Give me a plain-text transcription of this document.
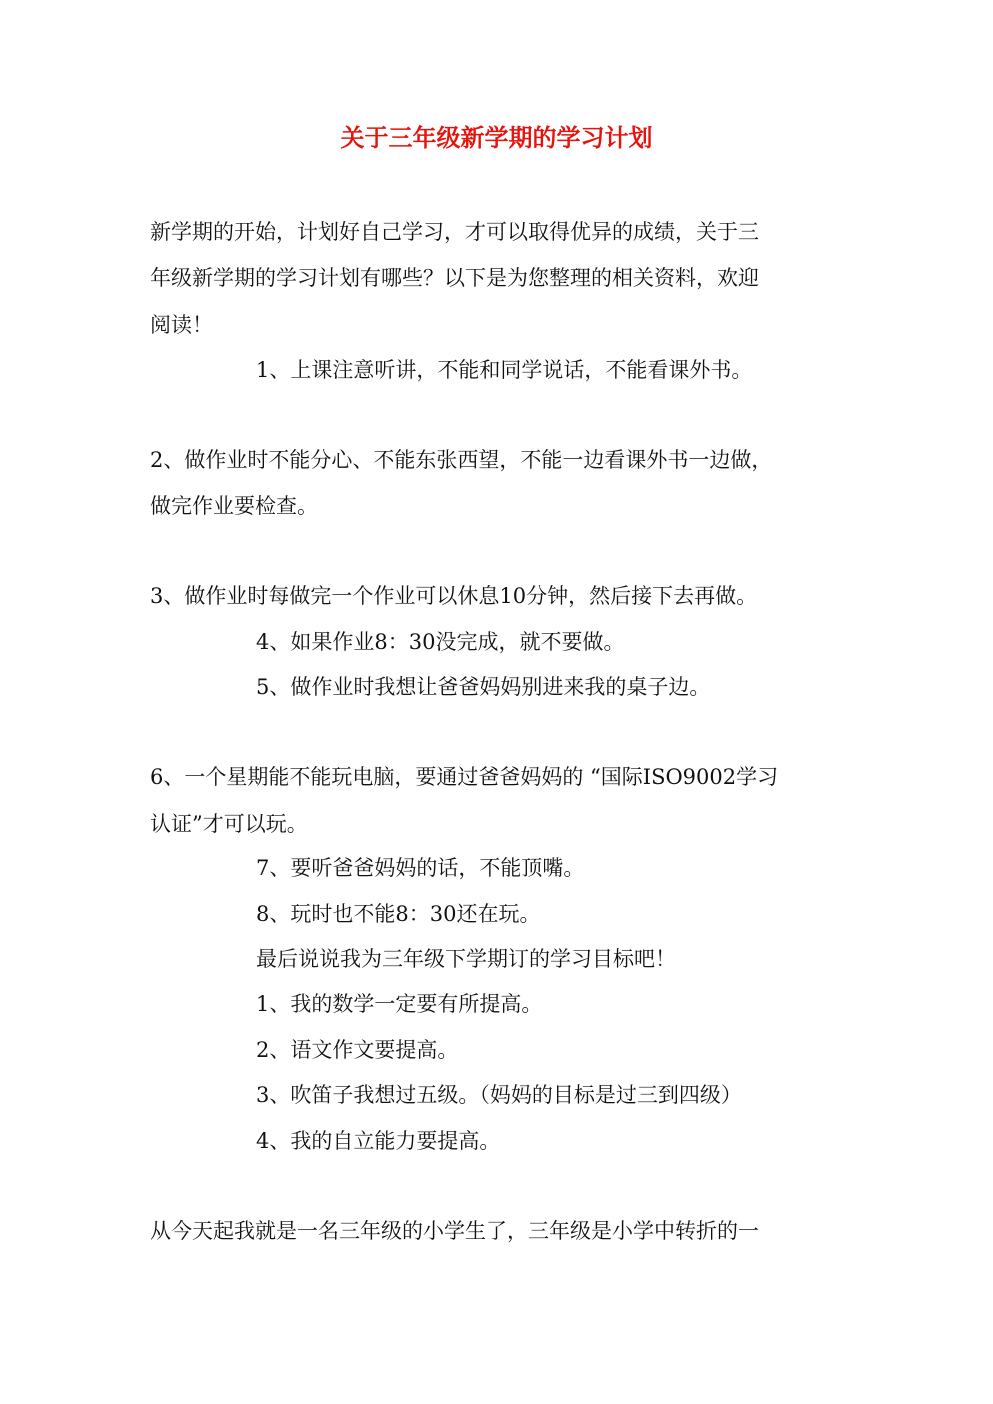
关于三年级新学期的学习计划
新学期的开始，计划好自己学习，才可以取得优异的成绩，关于三
年级新学期的学习计划有哪些？以下是为您整理的相关资料，欢迎
阅读！
1、上课注意听讲，不能和同学说话，不能看课外书。
2、做作业时不能分心、不能东张西望，不能一边看课外书一边做，
做完作业要检查。
3、做作业时每做完一个作业可以休息10分钟，然后接下去再做。
4、如果作业8：30没完成，就不要做。
5、做作业时我想让爸爸妈妈别进来我的桌子边。
6、一个星期能不能玩电脑，要通过爸爸妈妈的 “国际ISO9002学习
认证”才可以玩。
7、要听爸爸妈妈的话，不能顶嘴。
8、玩时也不能8：30还在玩。
最后说说我为三年级下学期订的学习目标吧！
1、我的数学一定要有所提高。
2、语文作文要提高。
3、吹笛子我想过五级。（妈妈的目标是过三到四级）
4、我的自立能力要提高。
从今天起我就是一名三年级的小学生了，三年级是小学中转折的一
